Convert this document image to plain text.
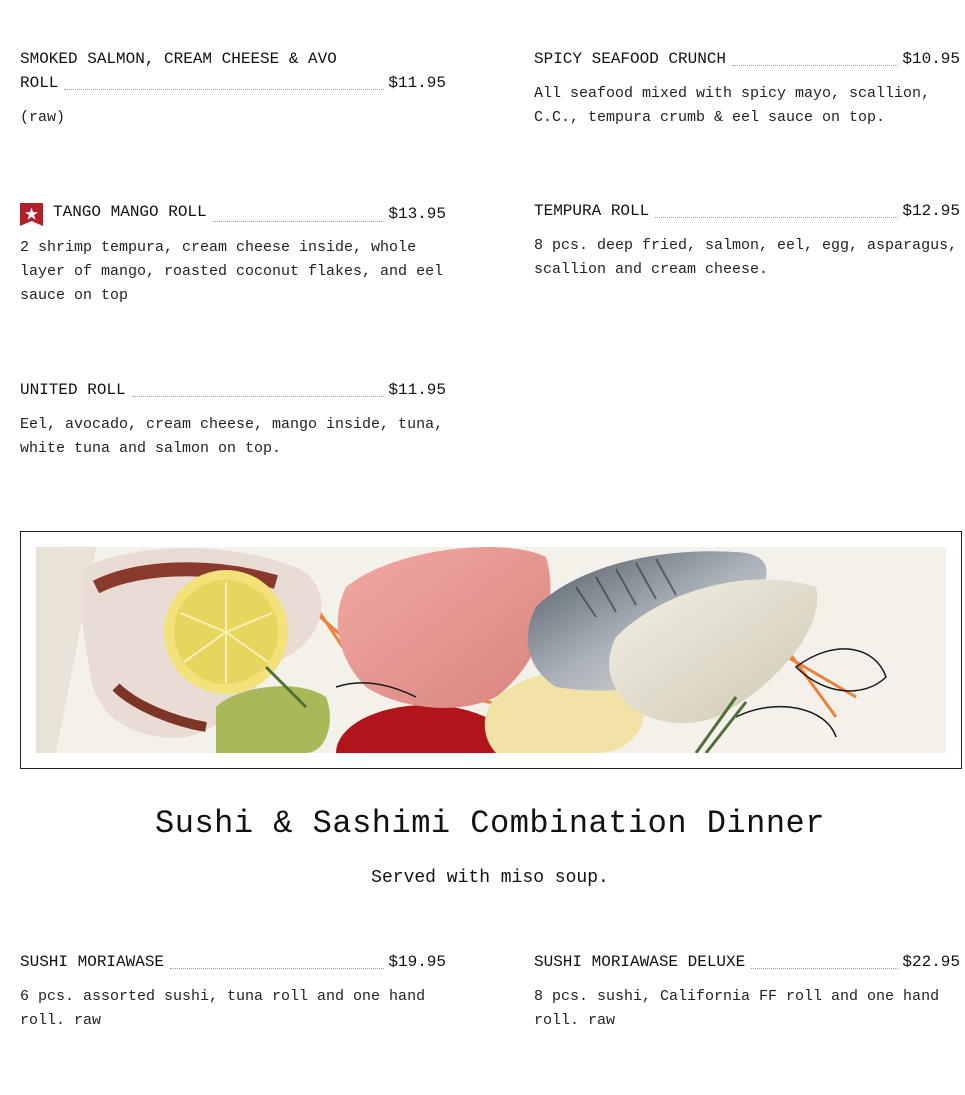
SMOKED SALMON, CREAM CHEESE & AVO
ROLL	$11.95
(raw)
SPICY SEAFOOD CRUNCH	$10.95
All seafood mixed with spicy mayo, scallion, C.C., tempura crumb & eel sauce on top.
TANGO MANGO ROLL	$13.95
2 shrimp tempura, cream cheese inside, whole layer of mango, roasted coconut flakes, and eel sauce on top
TEMPURA ROLL	$12.95
8 pcs. deep fried, salmon, eel, egg, asparagus, scallion and cream cheese.
UNITED ROLL	$11.95
Eel, avocado, cream cheese, mango inside, tuna, white tuna and salmon on top.
Sushi & Sashimi Combination Dinner
Served with miso soup.
SUSHI MORIAWASE	$19.95
6 pcs. assorted sushi, tuna roll and one hand roll. raw
SUSHI MORIAWASE DELUXE	$22.95
8 pcs. sushi, California FF roll and one hand roll. raw
